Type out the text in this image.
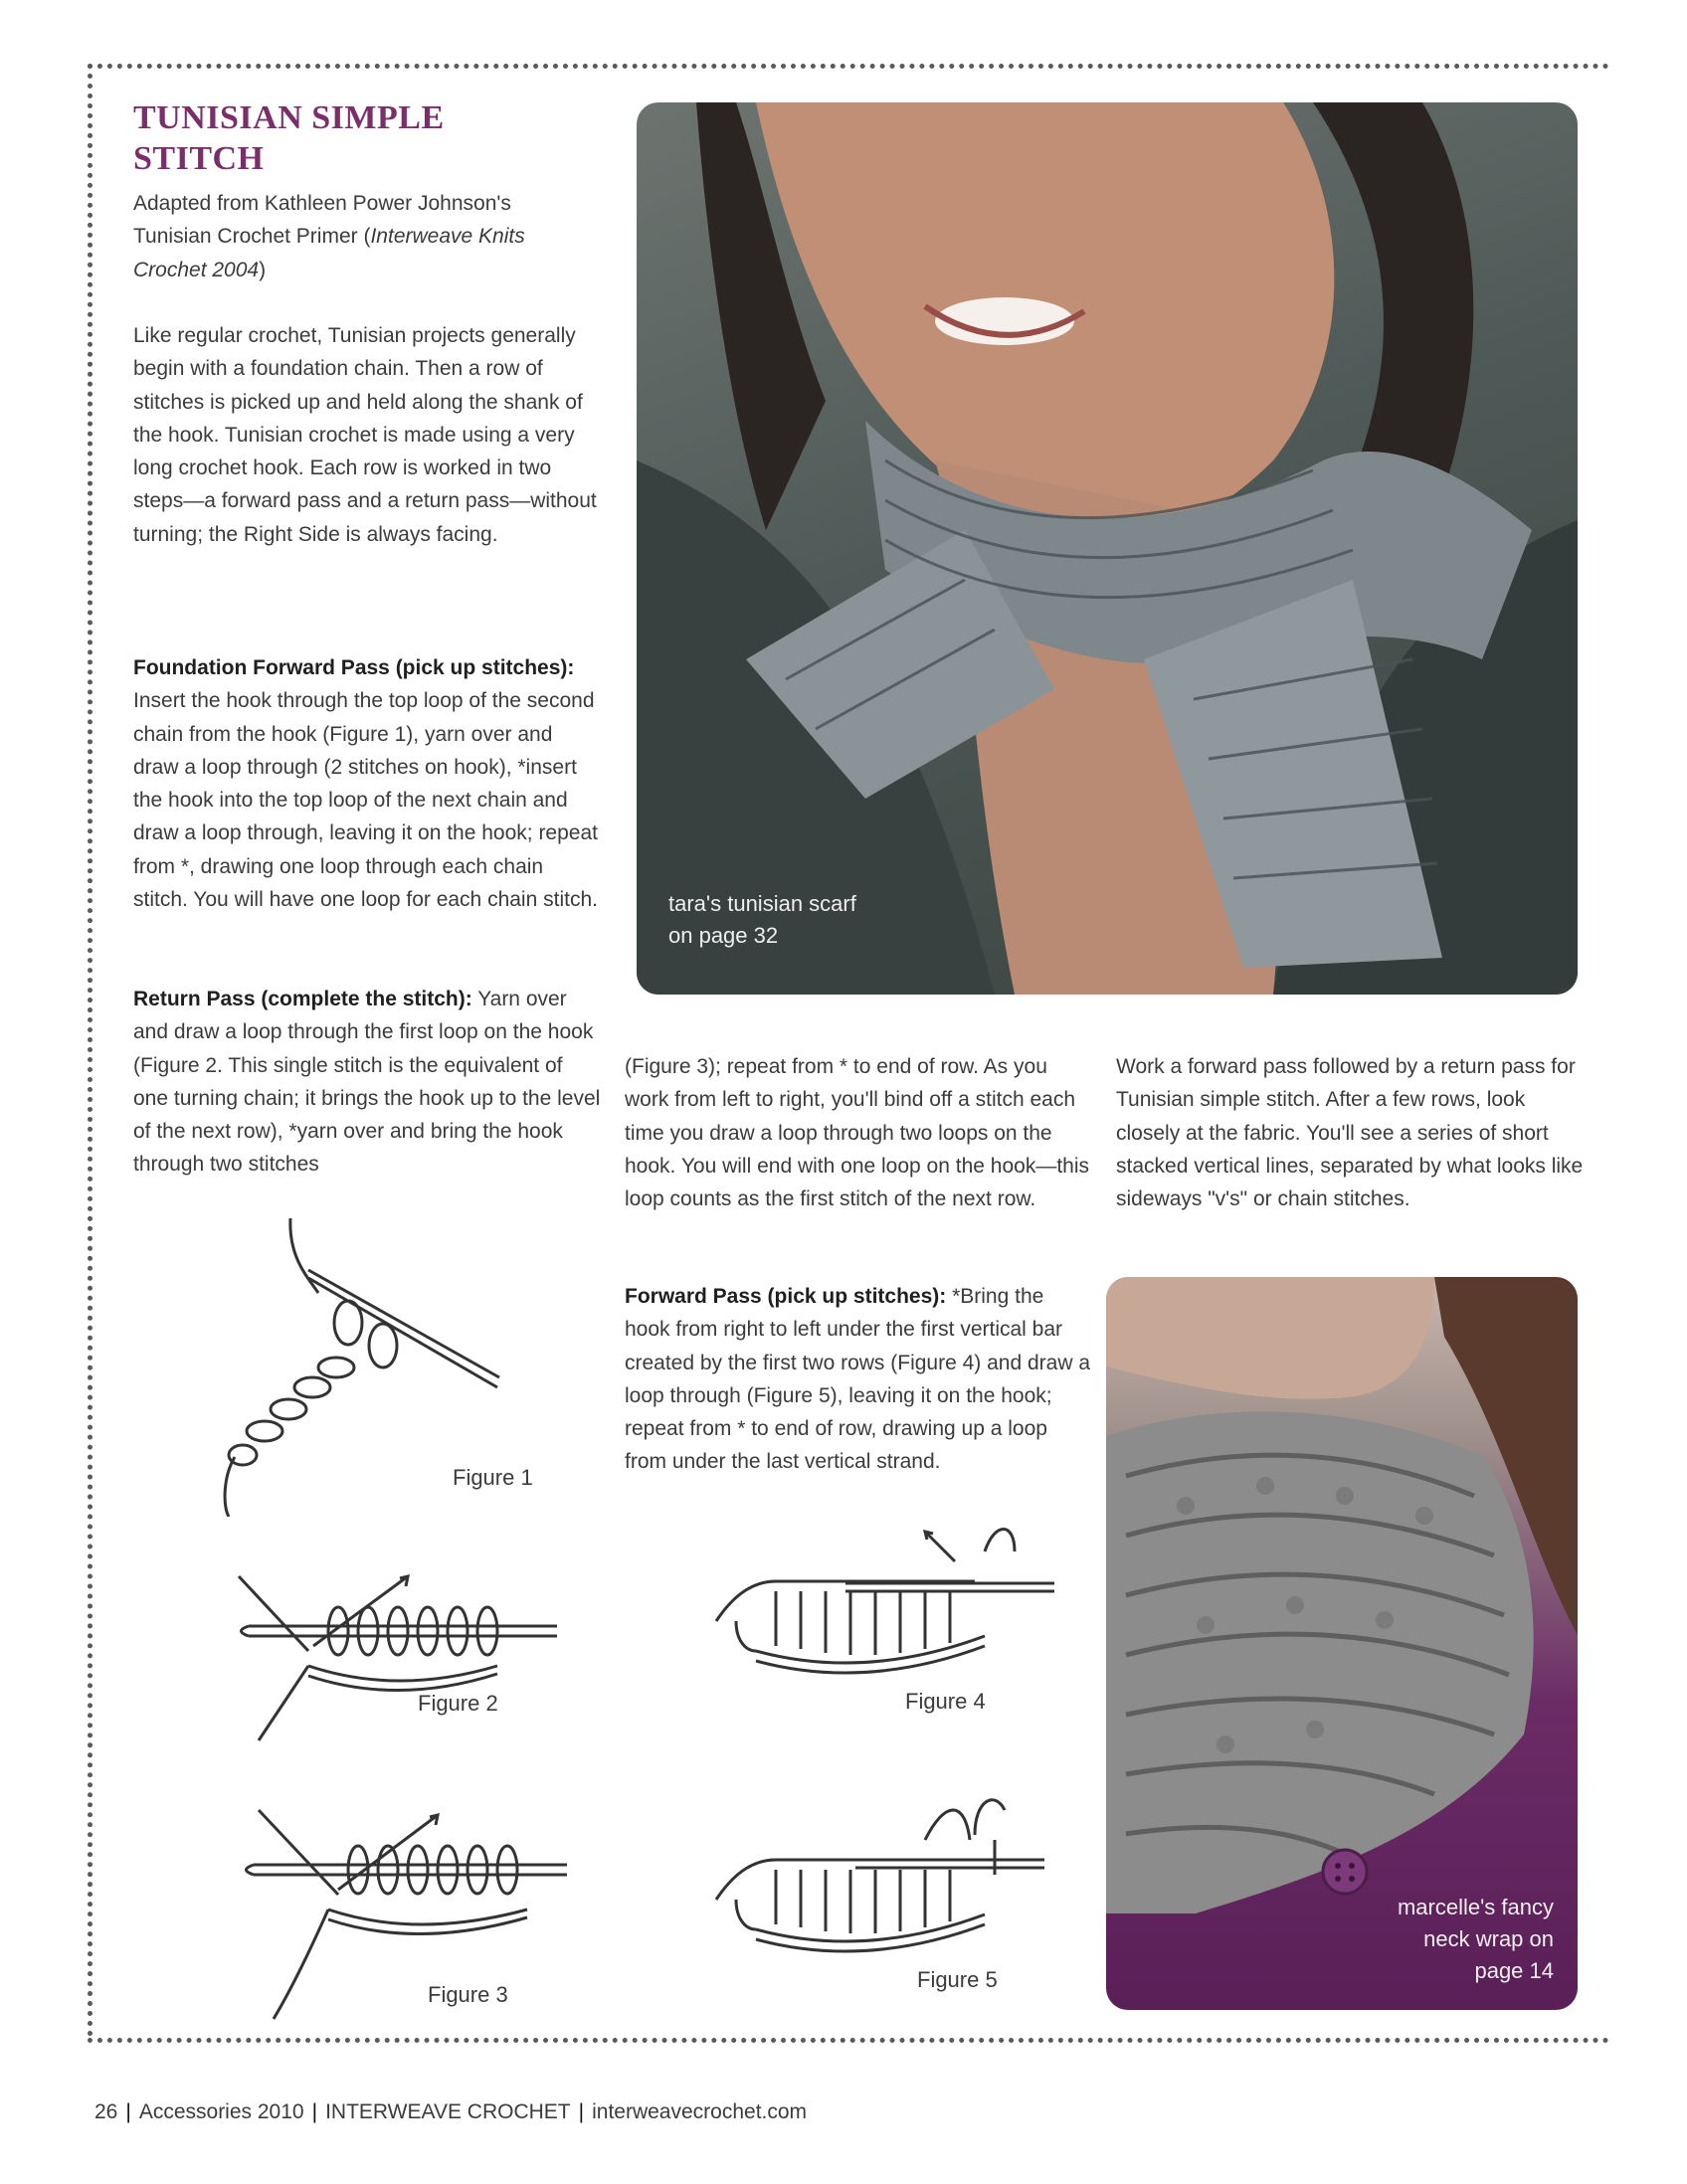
TUNISIAN SIMPLE STITCH

Adapted from Kathleen Power Johnson's Tunisian Crochet Primer (Interweave Knits Crochet 2004)

Like regular crochet, Tunisian projects generally begin with a foundation chain. Then a row of stitches is picked up and held along the shank of the hook. Tunisian crochet is made using a very long crochet hook. Each row is worked in two steps—a forward pass and a return pass—without turning; the Right Side is always facing.

Foundation Forward Pass (pick up stitches): Insert the hook through the top loop of the second chain from the hook (Figure 1), yarn over and draw a loop through (2 stitches on hook), *insert the hook into the top loop of the next chain and draw a loop through, leaving it on the hook; repeat from *, drawing one loop through each chain stitch. You will have one loop for each chain stitch.

Return Pass (complete the stitch): Yarn over and draw a loop through the first loop on the hook (Figure 2. This single stitch is the equivalent of one turning chain; it brings the hook up to the level of the next row), *yarn over and bring the hook through two stitches

(Figure 3); repeat from * to end of row. As you work from left to right, you'll bind off a stitch each time you draw a loop through two loops on the hook. You will end with one loop on the hook—this loop counts as the first stitch of the next row.

Forward Pass (pick up stitches): *Bring the hook from right to left under the first vertical bar created by the first two rows (Figure 4) and draw a loop through (Figure 5), leaving it on the hook; repeat from * to end of row, drawing up a loop from under the last vertical strand.

Work a forward pass followed by a return pass for Tunisian simple stitch. After a few rows, look closely at the fabric. You'll see a series of short stacked vertical lines, separated by what looks like sideways "v's" or chain stitches.

tara's tunisian scarf
on page 32

marcelle's fancy
neck wrap on
page 14

Figure 1

Figure 2

Figure 3

Figure 4

Figure 5

26 | Accessories 2010 | INTERWEAVE CROCHET | interweavecrochet.com
